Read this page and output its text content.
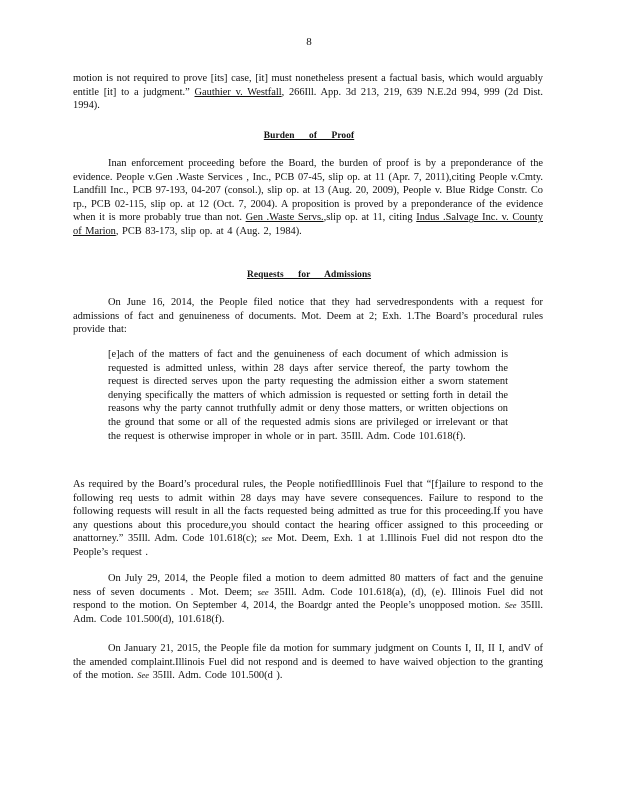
8
motion is not required to prove [its] case, [it] must nonetheless present a factual basis, which would arguably entitle [it] to a judgment.” Gauthier v. Westfall, 266Ill. App. 3d 213, 219, 639 N.E.2d 994, 999 (2d Dist. 1994).
Burden of Proof
Inan enforcement proceeding before the Board, the burden of proof is by a preponderance of the evidence. People v.Gen .Waste Services , Inc., PCB 07-45, slip op. at 11 (Apr. 7, 2011),citing People v.Cmty. Landfill Inc., PCB 97-193, 04-207 (consol.), slip op. at 13 (Aug. 20, 2009), People v. Blue Ridge Constr. Co rp., PCB 02-115, slip op. at 12 (Oct. 7, 2004). A proposition is proved by a preponderance of the evidence when it is more probably true than not. Gen .Waste Servs.,slip op. at 11, citing Indus .Salvage Inc. v. County of Marion, PCB 83-173, slip op. at 4 (Aug. 2, 1984).
Requests for Admissions
On June 16, 2014, the People filed notice that they had servedrespondents with a request for admissions of fact and genuineness of documents. Mot. Deem at 2; Exh. 1.The Board’s procedural rules provide that:
[e]ach of the matters of fact and the genuineness of each document of which admission is requested is admitted unless, within 28 days after service thereof, the party towhom the request is directed serves upon the party requesting the admission either a sworn statement denying specifically the matters of which admission is requested or setting forth in detail the reasons why the party cannot truthfully admit or deny those matters, or written objections on the ground that some or all of the requested admis sions are privileged or irrelevant or that the request is otherwise improper in whole or in part. 35Ill. Adm. Code 101.618(f).
As required by the Board’s procedural rules, the People notifiedIllinois Fuel that “[f]ailure to respond to the following req uests to admit within 28 days may have severe consequences. Failure to respond to the following requests will result in all the facts requested being admitted as true for this proceeding.If you have any questions about this procedure,you should contact the hearing officer assigned to this proceeding or anattorney.” 35Ill. Adm. Code 101.618(c); see Mot. Deem, Exh. 1 at 1.Illinois Fuel did not respon dto the People’s request .
On July 29, 2014, the People filed a motion to deem admitted 80 matters of fact and the genuine ness of seven documents . Mot. Deem; see 35Ill. Adm. Code 101.618(a), (d), (e). Illinois Fuel did not respond to the motion. On September 4, 2014, the Boardgr anted the People’s unopposed motion. See 35Ill. Adm. Code 101.500(d), 101.618(f).
On January 21, 2015, the People file da motion for summary judgment on Counts I, II, II I, andV of the amended complaint.Illinois Fuel did not respond and is deemed to have waived objection to the granting of the motion. See 35Ill. Adm. Code 101.500(d ).
